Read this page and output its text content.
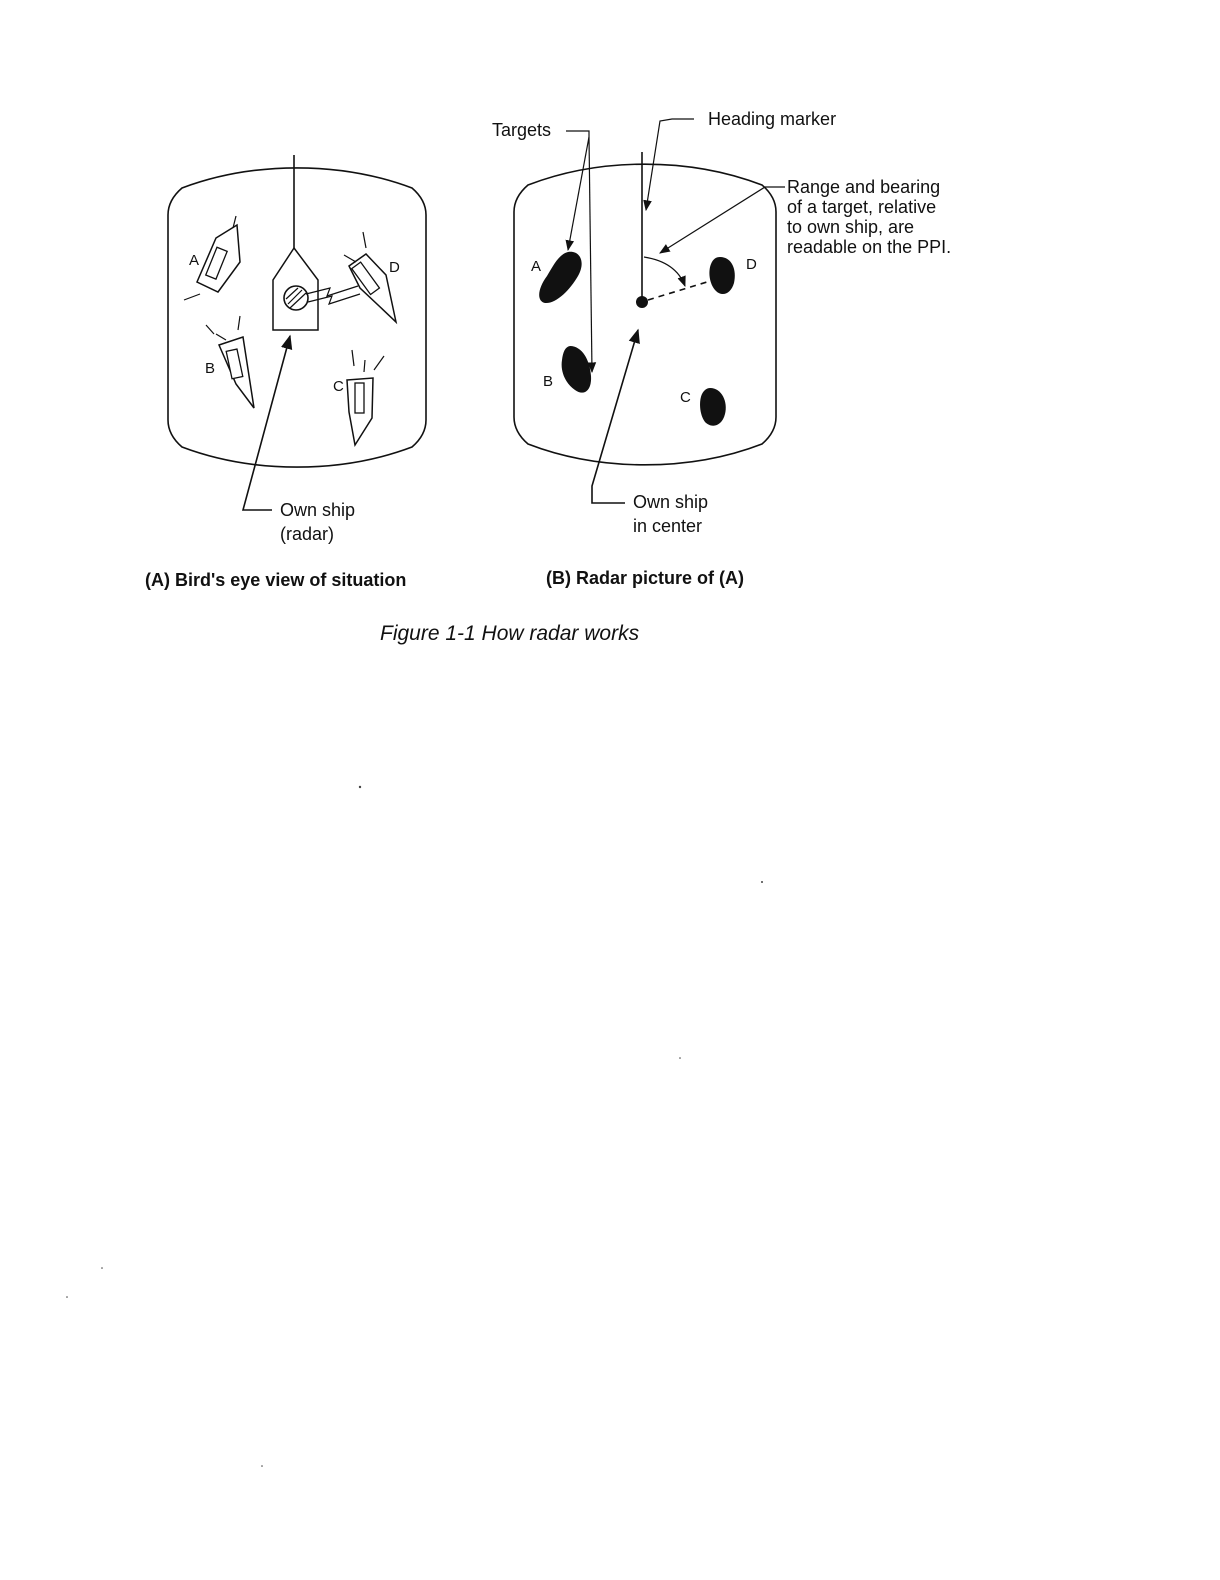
A
B
C
D
Own ship
(radar)
(A) Bird's eye view of situation
A
B
C
D
Targets
Heading marker
Range and bearing
of a target, relative
to own ship, are
readable on the PPI.
Own ship
in center
(B) Radar picture of (A)
Figure 1-1 How radar works
